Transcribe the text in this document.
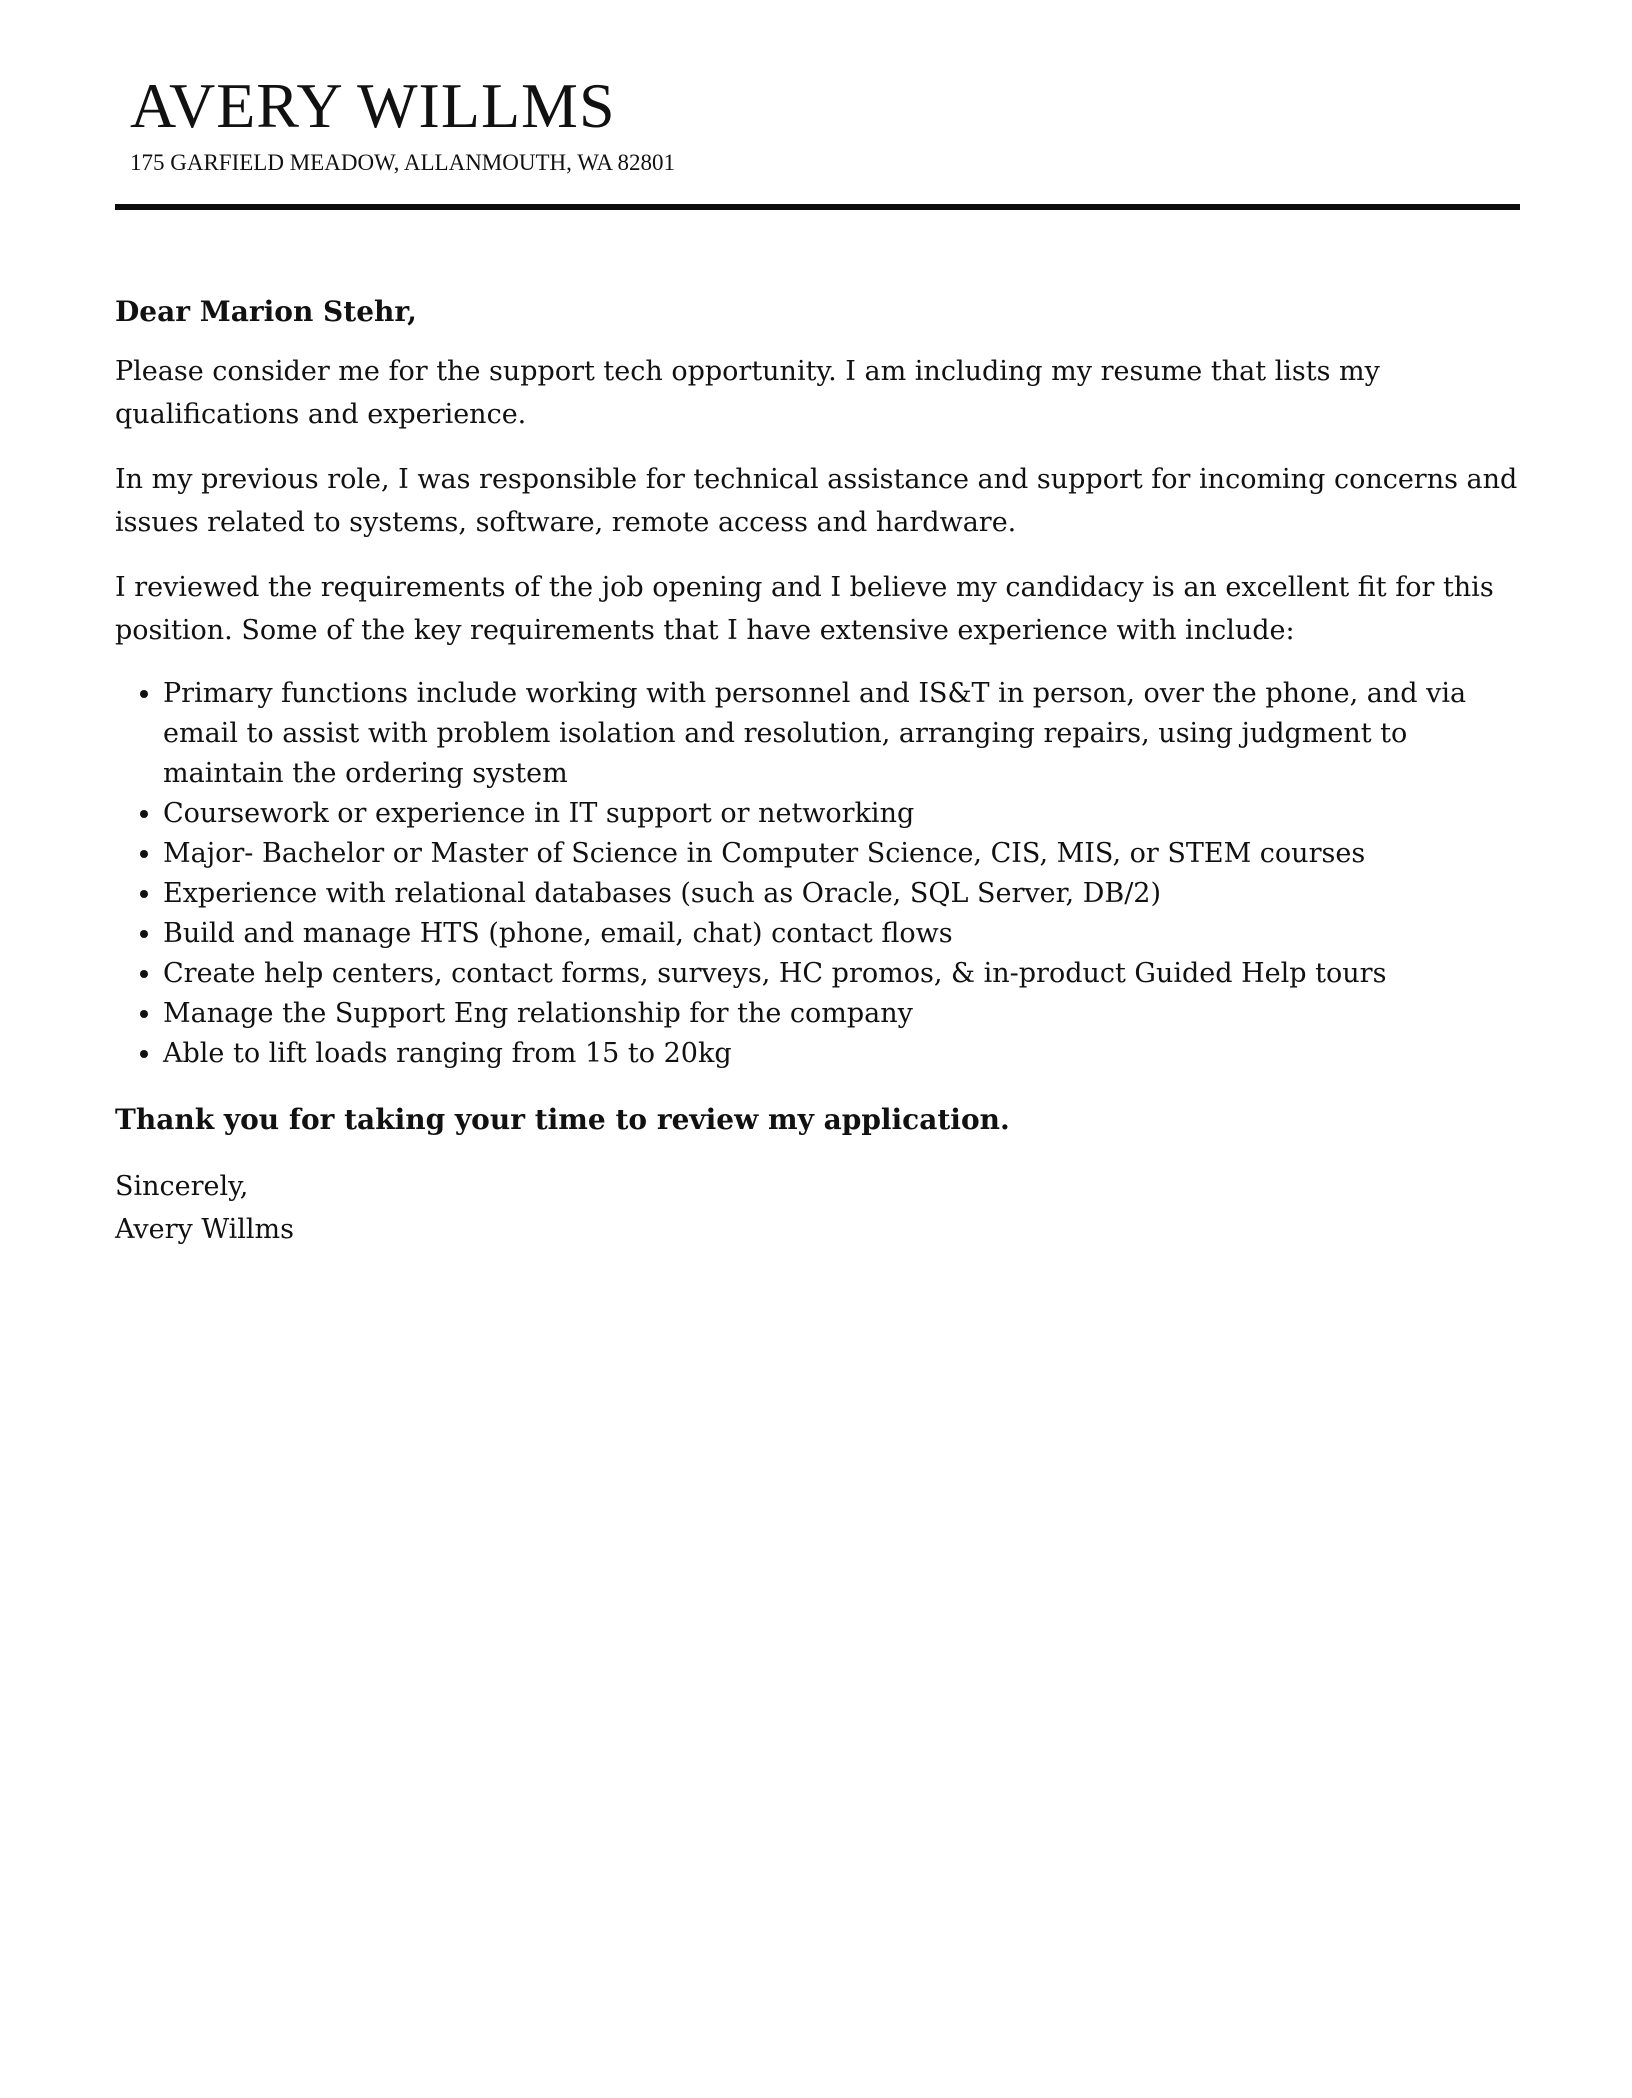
AVERY WILLMS
175 GARFIELD MEADOW, ALLANMOUTH, WA 82801
Dear Marion Stehr,

Please consider me for the support tech opportunity. I am including my resume that lists my qualifications and experience.

In my previous role, I was responsible for technical assistance and support for incoming concerns and issues related to systems, software, remote access and hardware.

I reviewed the requirements of the job opening and I believe my candidacy is an excellent fit for this position. Some of the key requirements that I have extensive experience with include:

• Primary functions include working with personnel and IS&T in person, over the phone, and via email to assist with problem isolation and resolution, arranging repairs, using judgment to maintain the ordering system
• Coursework or experience in IT support or networking
• Major- Bachelor or Master of Science in Computer Science, CIS, MIS, or STEM courses
• Experience with relational databases (such as Oracle, SQL Server, DB/2)
• Build and manage HTS (phone, email, chat) contact flows
• Create help centers, contact forms, surveys, HC promos, & in-product Guided Help tours
• Manage the Support Eng relationship for the company
• Able to lift loads ranging from 15 to 20kg

Thank you for taking your time to review my application.

Sincerely,
Avery Willms
